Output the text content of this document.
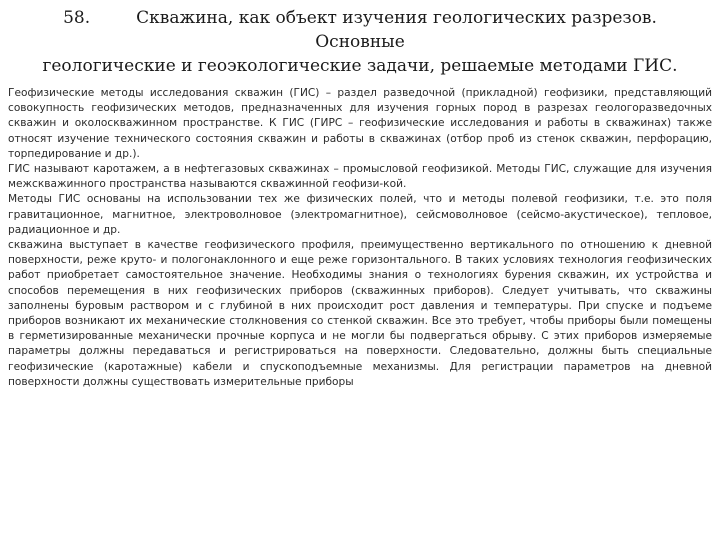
58.	Скважина, как объект изучения геологических разрезов. Основные
геологические и геоэкологические задачи, решаемые методами ГИС.

Геофизические методы исследования скважин (ГИС) – раздел разведочной (прикладной) геофизики, представляющий совокупность геофизических методов, предназначенных для изучения горных пород в разрезах геологоразведочных скважин и околоскважинном пространстве. К ГИС (ГИРС – геофизические исследования и работы в скважинах) также относят изучение технического состояния скважин и работы в скважинах (отбор проб из стенок скважин, перфорацию, торпедирование и др.).

ГИС называют каротажем, а в нефтегазовых скважинах – промысловой геофизикой. Методы ГИС, служащие для изучения межскважинного пространства называются скважинной геофизи-кой.

Методы ГИС основаны на использовании тех же физических полей, что и методы полевой геофизики, т.е. это поля гравитационное, магнитное, электроволновое (электромагнитное), сейсмоволновое (сейсмо-акустическое), тепловое, радиационное и др.

скважина выступает в качестве геофизического профиля, преимущественно вертикального по отношению к дневной поверхности, реже круто- и пологонаклонного и еще реже горизонтального. В таких условиях технология геофизических работ приобретает самостоятельное значение. Необходимы знания о технологиях бурения скважин, их устройства и способов перемещения в них геофизических приборов (скважинных приборов). Следует учитывать, что скважины заполнены буровым раствором и с глубиной в них происходит рост давления и температуры. При спуске и подъеме приборов возникают их механические столкновения со стенкой скважин. Все это требует, чтобы приборы были помещены в герметизированные механически прочные корпуса и не могли бы подвергаться обрыву. С этих приборов измеряемые параметры должны передаваться и регистрироваться на поверхности. Следовательно, должны быть специальные геофизические (каротажные) кабели и спускоподъемные механизмы. Для регистрации параметров на дневной поверхности должны существовать измерительные приборы
